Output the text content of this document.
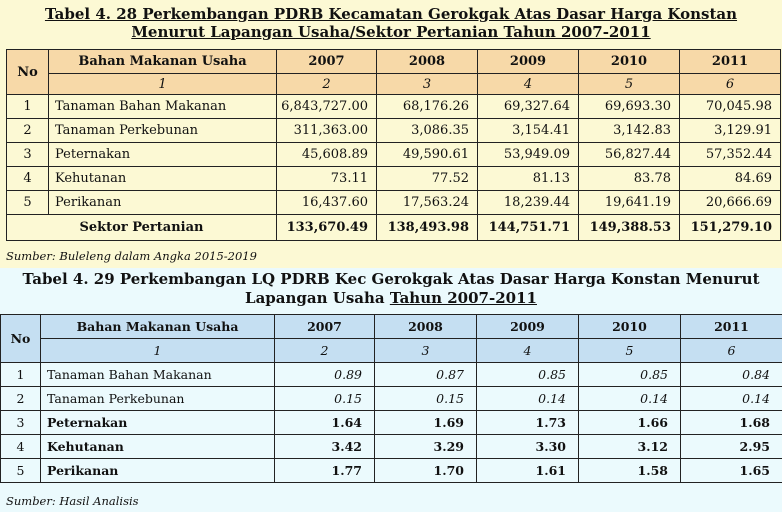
Tabel 4. 28 Perkembangan PDRB Kecamatan Gerokgak Atas Dasar Harga Konstan
Menurut Lapangan Usaha/Sektor Pertanian Tahun 2007-2011
No	Bahan Makanan Usaha	2007	2008	2009	2010	2011
	1	2	3	4	5	6
1	Tanaman Bahan Makanan	6,843,727.00	68,176.26	69,327.64	69,693.30	70,045.98
2	Tanaman Perkebunan	311,363.00	3,086.35	3,154.41	3,142.83	3,129.91
3	Peternakan	45,608.89	49,590.61	53,949.09	56,827.44	57,352.44
4	Kehutanan	73.11	77.52	81.13	83.78	84.69
5	Perikanan	16,437.60	17,563.24	18,239.44	19,641.19	20,666.69
Sektor Pertanian		133,670.49	138,493.98	144,751.71	149,388.53	151,279.10
Sumber: Buleleng dalam Angka 2015-2019
Tabel 4. 29 Perkembangan LQ PDRB Kec Gerokgak Atas Dasar Harga Konstan Menurut
Lapangan Usaha Tahun 2007-2011
No	Bahan Makanan Usaha	2007	2008	2009	2010	2011
	1	2	3	4	5	6
1	Tanaman Bahan Makanan	0.89	0.87	0.85	0.85	0.84
2	Tanaman Perkebunan	0.15	0.15	0.14	0.14	0.14
3	Peternakan	1.64	1.69	1.73	1.66	1.68
4	Kehutanan	3.42	3.29	3.30	3.12	2.95
5	Perikanan	1.77	1.70	1.61	1.58	1.65
Sumber: Hasil Analisis
